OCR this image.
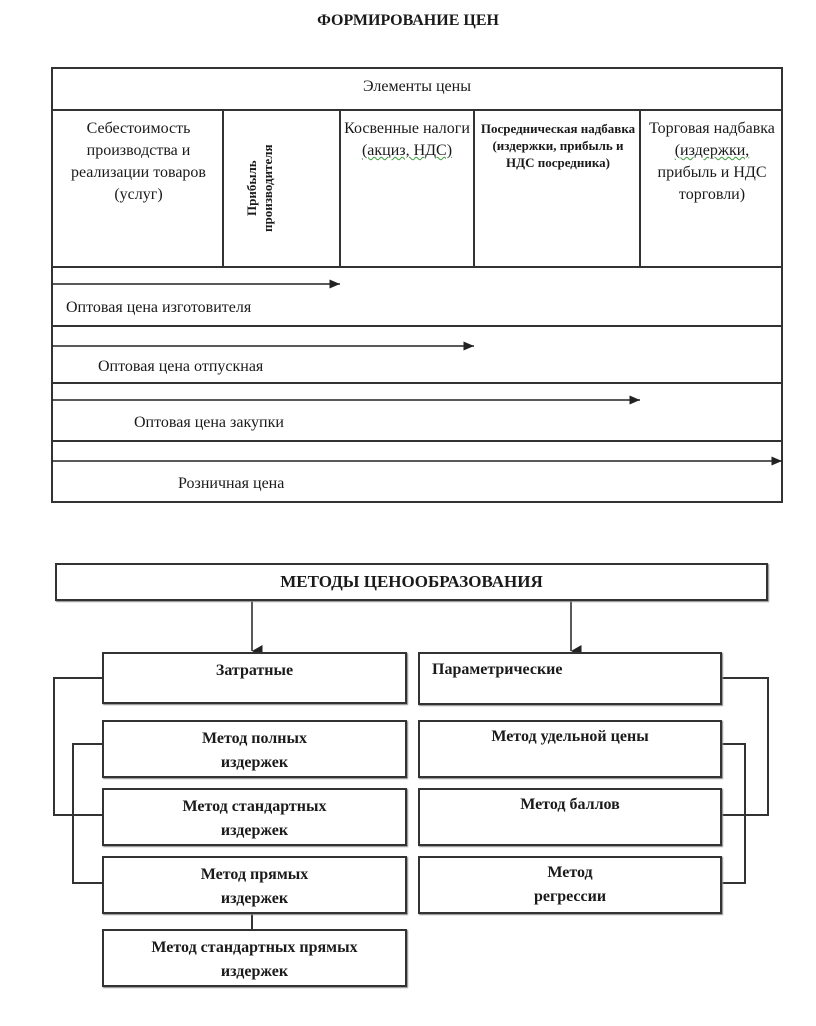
ФОРМИРОВАНИЕ ЦЕН
Элементы цены
Себестоимость производства и реализации товаров (услуг)	Прибыль производителя
Косвенные налоги
(акциз, НДС)
Посредническая надбавка (издержки, прибыль и НДС посредника)
Торговая надбавка
(издержки,
прибыль и НДС торговли)
Оптовая цена изготовителя
Оптовая цена отпускная
Оптовая цена закупки
Розничная цена
МЕТОДЫ ЦЕНООБРАЗОВАНИЯ
Затратные	Параметрические
Метод полных издержек
Метод стандартных издержек
Метод прямых издержек
Метод стандартных прямых издержек
Метод удельной цены
Метод баллов
Метод регрессии
